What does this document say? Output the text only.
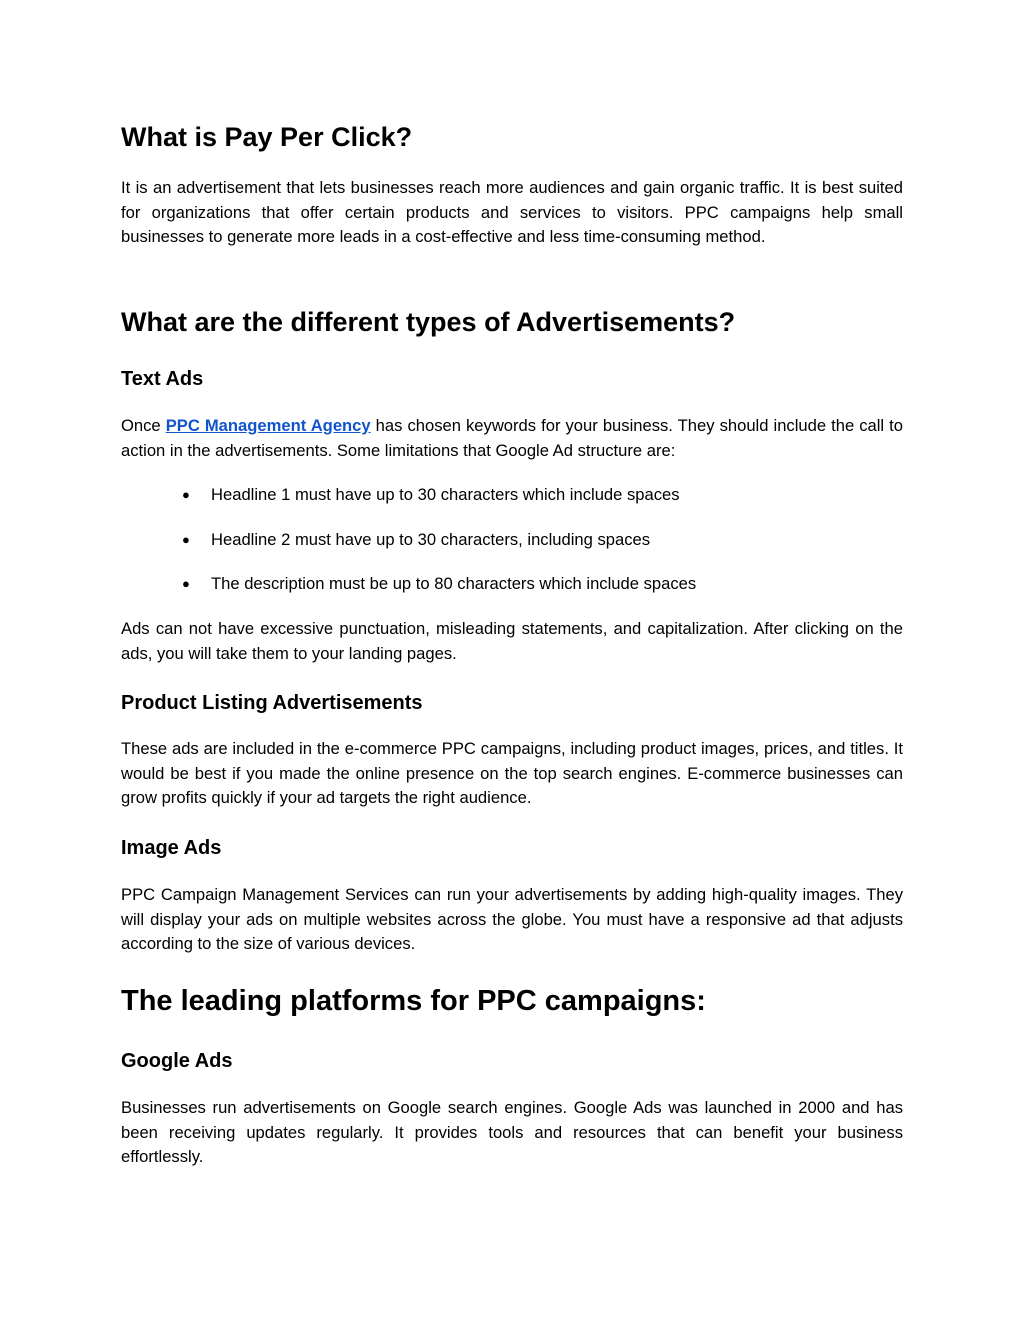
What is Pay Per Click?

It is an advertisement that lets businesses reach more audiences and gain organic traffic. It is best suited for organizations that offer certain products and services to visitors. PPC campaigns help small businesses to generate more leads in a cost-effective and less time-consuming method.

What are the different types of Advertisements?
Text Ads

Once PPC Management Agency has chosen keywords for your business. They should include the call to action in the advertisements. Some limitations that Google Ad structure are:

● Headline 1 must have up to 30 characters which include spaces
● Headline 2 must have up to 30 characters, including spaces
● The description must be up to 80 characters which include spaces

Ads can not have excessive punctuation, misleading statements, and capitalization. After clicking on the ads, you will take them to your landing pages.

Product Listing Advertisements

These ads are included in the e-commerce PPC campaigns, including product images, prices, and titles. It would be best if you made the online presence on the top search engines. E-commerce businesses can grow profits quickly if your ad targets the right audience.

Image Ads

PPC Campaign Management Services can run your advertisements by adding high-quality images. They will display your ads on multiple websites across the globe. You must have a responsive ad that adjusts according to the size of various devices.

The leading platforms for PPC campaigns:
Google Ads

Businesses run advertisements on Google search engines. Google Ads was launched in 2000 and has been receiving updates regularly. It provides tools and resources that can benefit your business effortlessly.
